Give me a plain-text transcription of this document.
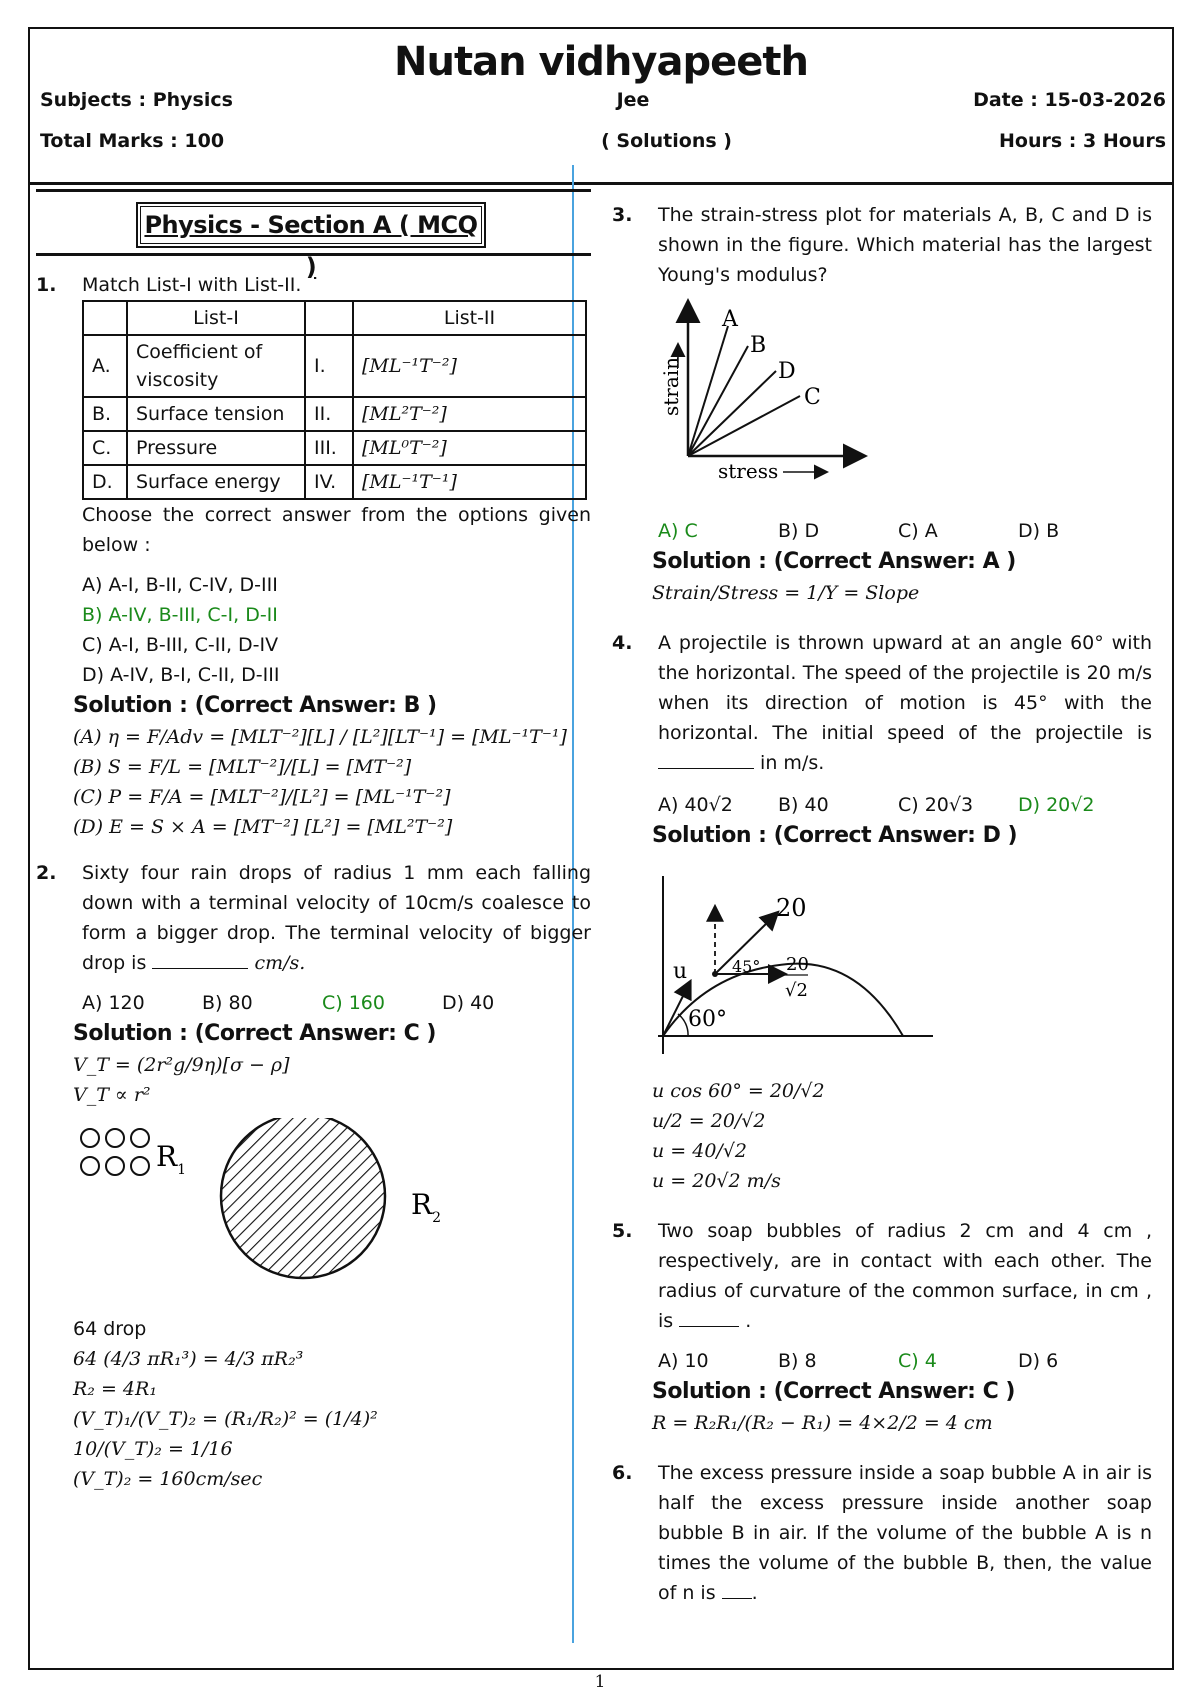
Nutan vidhyapeeth
Subjects : Physics	Jee	Date : 15-03-2026
Total Marks : 100	( Solutions )	Hours : 3 Hours
Physics - Section A ( MCQ )
1. Match List-I with List-II.
	List-I		List-II
A.	Coefficient of viscosity	I.	[ML⁻¹T⁻²]
B.	Surface tension	II.	[ML²T⁻²]
C.	Pressure	III.	[ML⁰T⁻²]
D.	Surface energy	IV.	[ML⁻¹T⁻¹]
Choose the correct answer from the options given below :
A) A-I, B-II, C-IV, D-III
B) A-IV, B-III, C-I, D-II
C) A-I, B-III, C-II, D-IV
D) A-IV, B-I, C-II, D-III
Solution : (Correct Answer: B )
(A) η = F/Adv = [MLT⁻²][L] / [L²][LT⁻¹] = [ML⁻¹T⁻¹]
(B) S = F/L = [MLT⁻²]/[L] = [MT⁻²]
(C) P = F/A = [MLT⁻²]/[L²] = [ML⁻¹T⁻²]
(D) E = S × A = [MT⁻²] [L²] = [ML²T⁻²]
2. Sixty four rain drops of radius 1 mm each falling down with a terminal velocity of 10cm/s coalesce to form a bigger drop. The terminal velocity of bigger drop is	cm/s.
A) 120	B) 80	C) 160	D) 40
Solution : (Correct Answer: C )
V_T = (2r²g/9η)[σ − ρ]
V_T ∝ r²
$R_1$
$R_2$
64 drop
64 (4/3 πR₁³) = 4/3 πR₂³
R₂ = 4R₁
(V_T)₁/(V_T)₂ = (R₁/R₂)² = (1/4)²
10/(V_T)₂ = 1/16
(V_T)₂ = 160cm/sec
3. The strain-stress plot for materials A, B, C and D is shown in the figure. Which material has the largest Young's modulus?
A
B
D
C
strain
stress
A) C	B) D	C) A	D) B
Solution : (Correct Answer: A )
Strain/Stress = 1/Y = Slope
4. A projectile is thrown upward at an angle 60° with the horizontal. The speed of the projectile is 20 m/s when its direction of motion is 45° with the horizontal. The initial speed of the projectile is  in m/s.
A) 40√2	B) 40	C) 20√3	D) 20√2
Solution : (Correct Answer: D )
u
20
45° 20
√2
60°
u cos 60° = 20/√2
u/2 = 20/√2
u = 40/√2
u = 20√2 m/s
5. Two soap bubbles of radius 2 cm and 4 cm , respectively, are in contact with each other. The radius of curvature of the common surface, in cm , is	.
A) 10	B) 8	C) 4	D) 6
Solution : (Correct Answer: C )
R = R₂R₁/(R₂ − R₁) = 4×2/2 = 4 cm
6. The excess pressure inside a soap bubble A in air is half the excess pressure inside another soap bubble B in air. If the volume of the bubble A is n times the volume of the bubble B, then, the value of n is .
1
